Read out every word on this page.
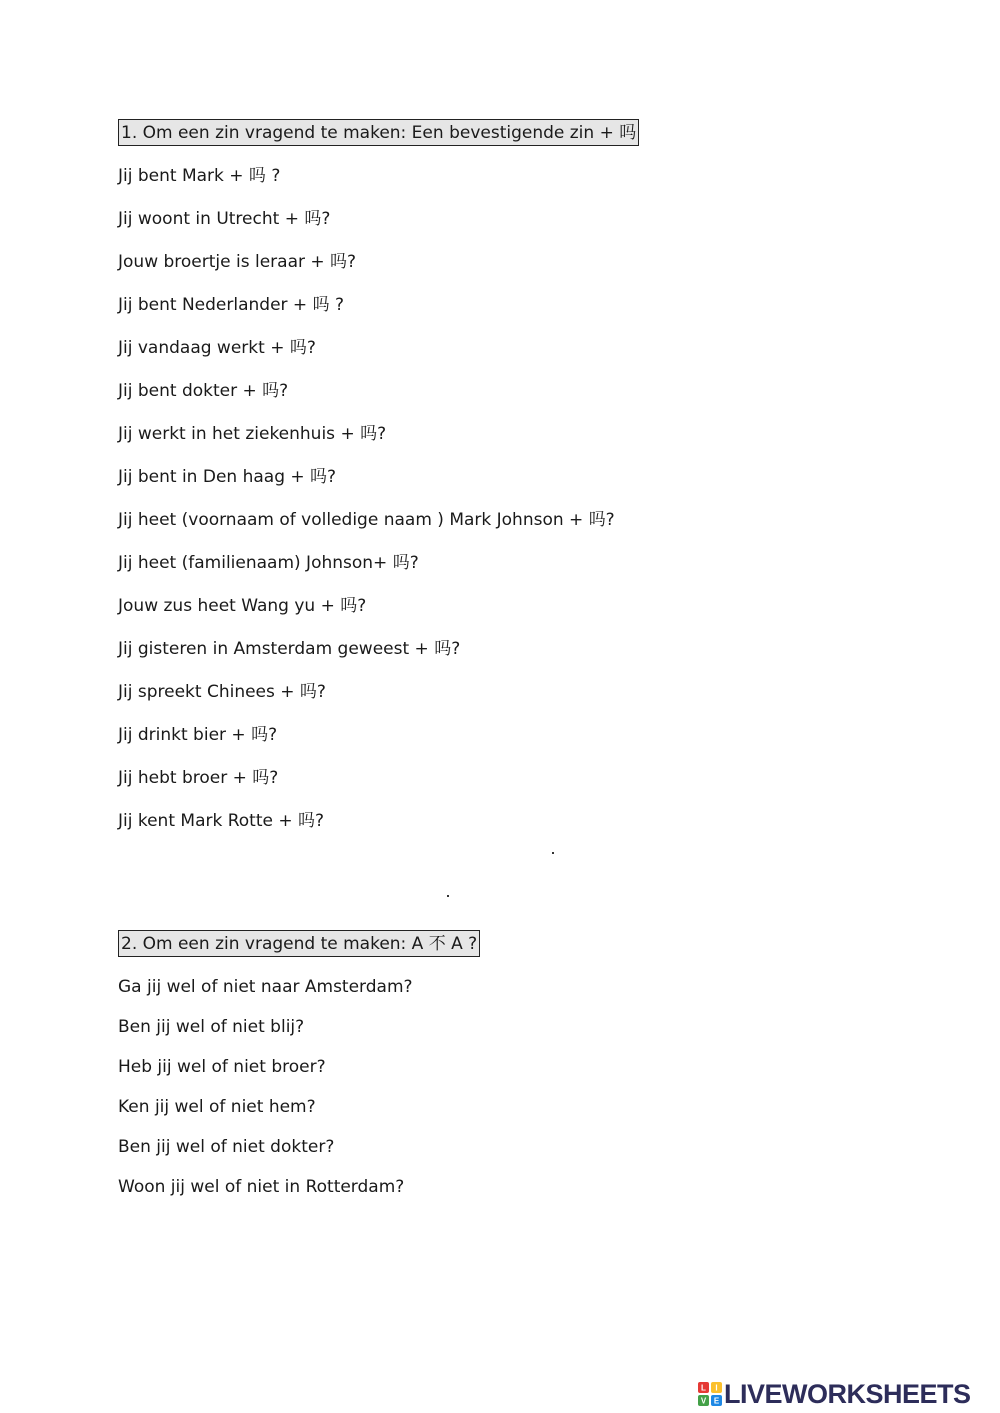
1. Om een zin vragend te maken: Een bevestigende zin + 吗
Jij bent Mark + 吗 ?
Jij woont in Utrecht + 吗?
Jouw broertje is leraar + 吗?
Jij bent Nederlander + 吗 ?
Jij vandaag werkt + 吗?
Jij bent dokter + 吗?
Jij werkt in het ziekenhuis + 吗?
Jij bent in Den haag + 吗?
Jij heet (voornaam of volledige naam ) Mark Johnson + 吗?
Jij heet (familienaam) Johnson+ 吗?
Jouw zus heet Wang yu + 吗?
Jij gisteren in Amsterdam geweest + 吗?
Jij spreekt Chinees + 吗?
Jij drinkt bier + 吗?
Jij hebt broer + 吗?
Jij kent Mark Rotte + 吗?
2. Om een zin vragend te maken: A 不 A ?
Ga jij wel of niet naar Amsterdam?
Ben jij wel of niet blij?
Heb jij wel of niet broer?
Ken jij wel of niet hem?
Ben jij wel of niet dokter?
Woon jij wel of niet in Rotterdam?
L I
V E LIVEWORKSHEETS
